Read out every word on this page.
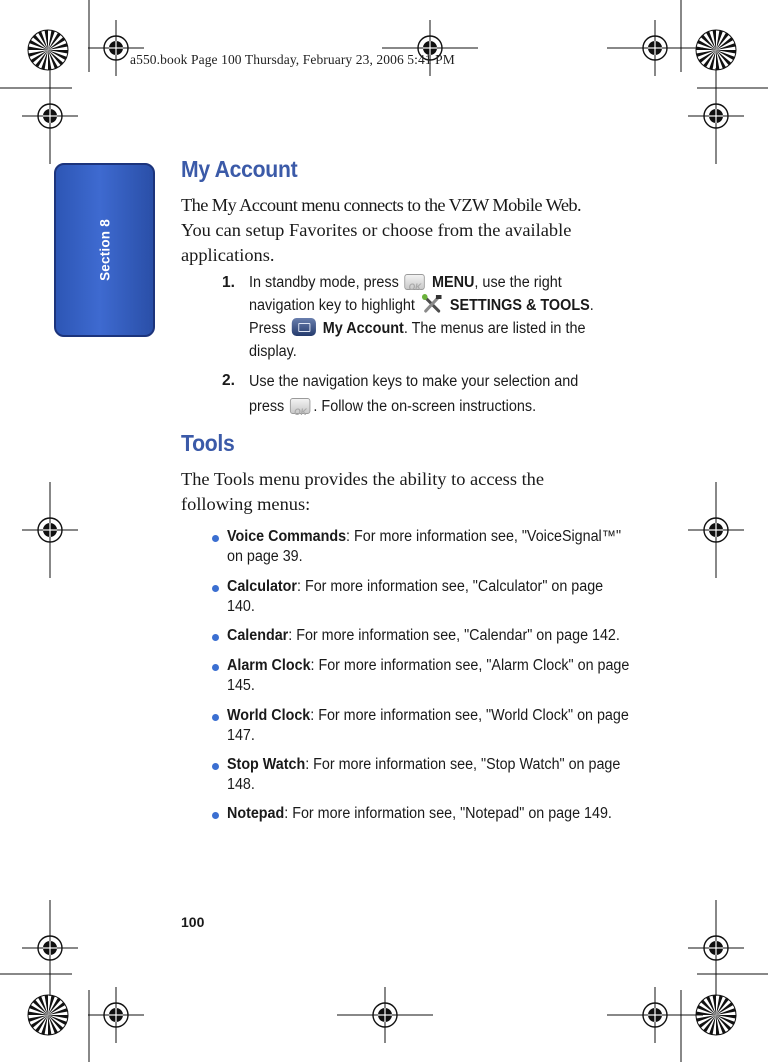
a550.book Page 100 Thursday, February 23, 2006 5:41 PM
Section 8
My Account
The My Account menu connects to the VZW Mobile Web.
You can setup Favorites or choose from the available
applications.
1. In standby mode, press OK MENU, use the right
navigation key to highlight SETTINGS & TOOLS.
Press My Account. The menus are listed in the
display.
2. Use the navigation keys to make your selection and
press OK . Follow the on-screen instructions.
Tools
The Tools menu provides the ability to access the
following menus:
Voice Commands: For more information see, "VoiceSignal™"
on page 39.
Calculator: For more information see, "Calculator" on page
140.
Calendar: For more information see, "Calendar" on page 142.
Alarm Clock: For more information see, "Alarm Clock" on page
145.
World Clock: For more information see, "World Clock" on page
147.
Stop Watch: For more information see, "Stop Watch" on page
148.
Notepad: For more information see, "Notepad" on page 149.
100
